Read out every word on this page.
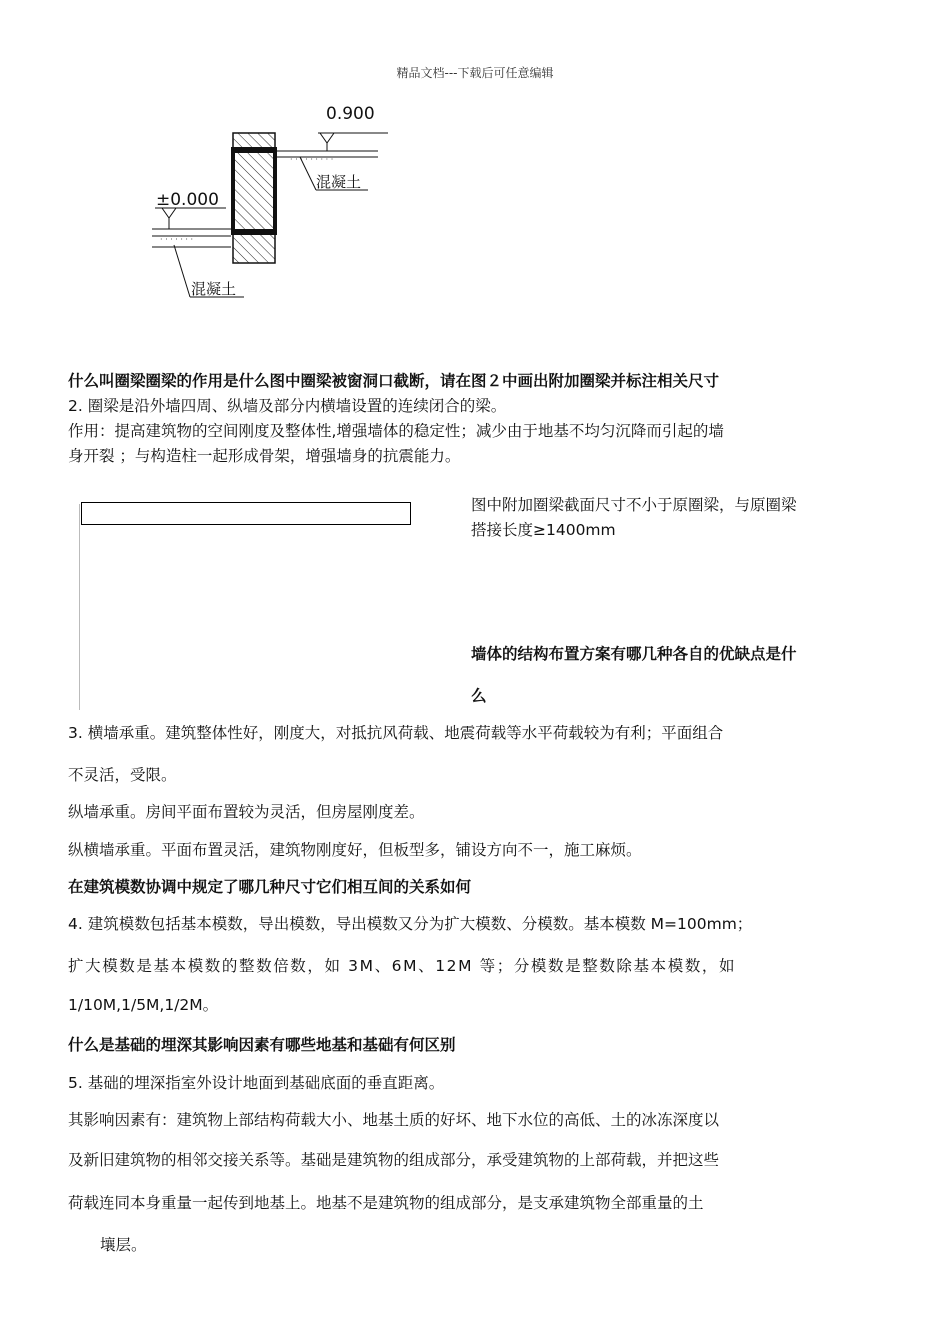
精品文档---下载后可任意编辑
· · · · · · · · ·
0.900
混凝土
· · · · · · ·
±0.000
混凝土
什么叫圈梁圈梁的作用是什么图中圈梁被窗洞口截断，请在图２中画出附加圈梁并标注相关尺寸
2. 圈梁是沿外墙四周、纵墙及部分内横墙设置的连续闭合的梁。
作用：提高建筑物的空间刚度及整体性,增强墙体的稳定性；减少由于地基不均匀沉降而引起的墙
身开裂 ；与构造柱一起形成骨架，增强墙身的抗震能力。
图中附加圈梁截面尺寸不小于原圈梁，与原圈梁
搭接长度≥1400mm
墙体的结构布置方案有哪几种各自的优缺点是什
么
3. 横墙承重。建筑整体性好，刚度大，对抵抗风荷载、地震荷载等水平荷载较为有利；平面组合
不灵活，受限。
纵墙承重。房间平面布置较为灵活，但房屋刚度差。
纵横墙承重。平面布置灵活，建筑物刚度好，但板型多，铺设方向不一，施工麻烦。
在建筑模数协调中规定了哪几种尺寸它们相互间的关系如何
4. 建筑模数包括基本模数，导出模数，导出模数又分为扩大模数、分模数。基本模数 M=100mm；
扩大模数是基本模数的整数倍数，如 3M、6M、12M 等；分模数是整数除基本模数，如
1/10M,1/5M,1/2M。
什么是基础的埋深其影响因素有哪些地基和基础有何区别
5. 基础的埋深指室外设计地面到基础底面的垂直距离。
其影响因素有：建筑物上部结构荷载大小、地基土质的好坏、地下水位的高低、土的冰冻深度以
及新旧建筑物的相邻交接关系等。基础是建筑物的组成部分，承受建筑物的上部荷载，并把这些
荷载连同本身重量一起传到地基上。地基不是建筑物的组成部分，是支承建筑物全部重量的土
壤层。
